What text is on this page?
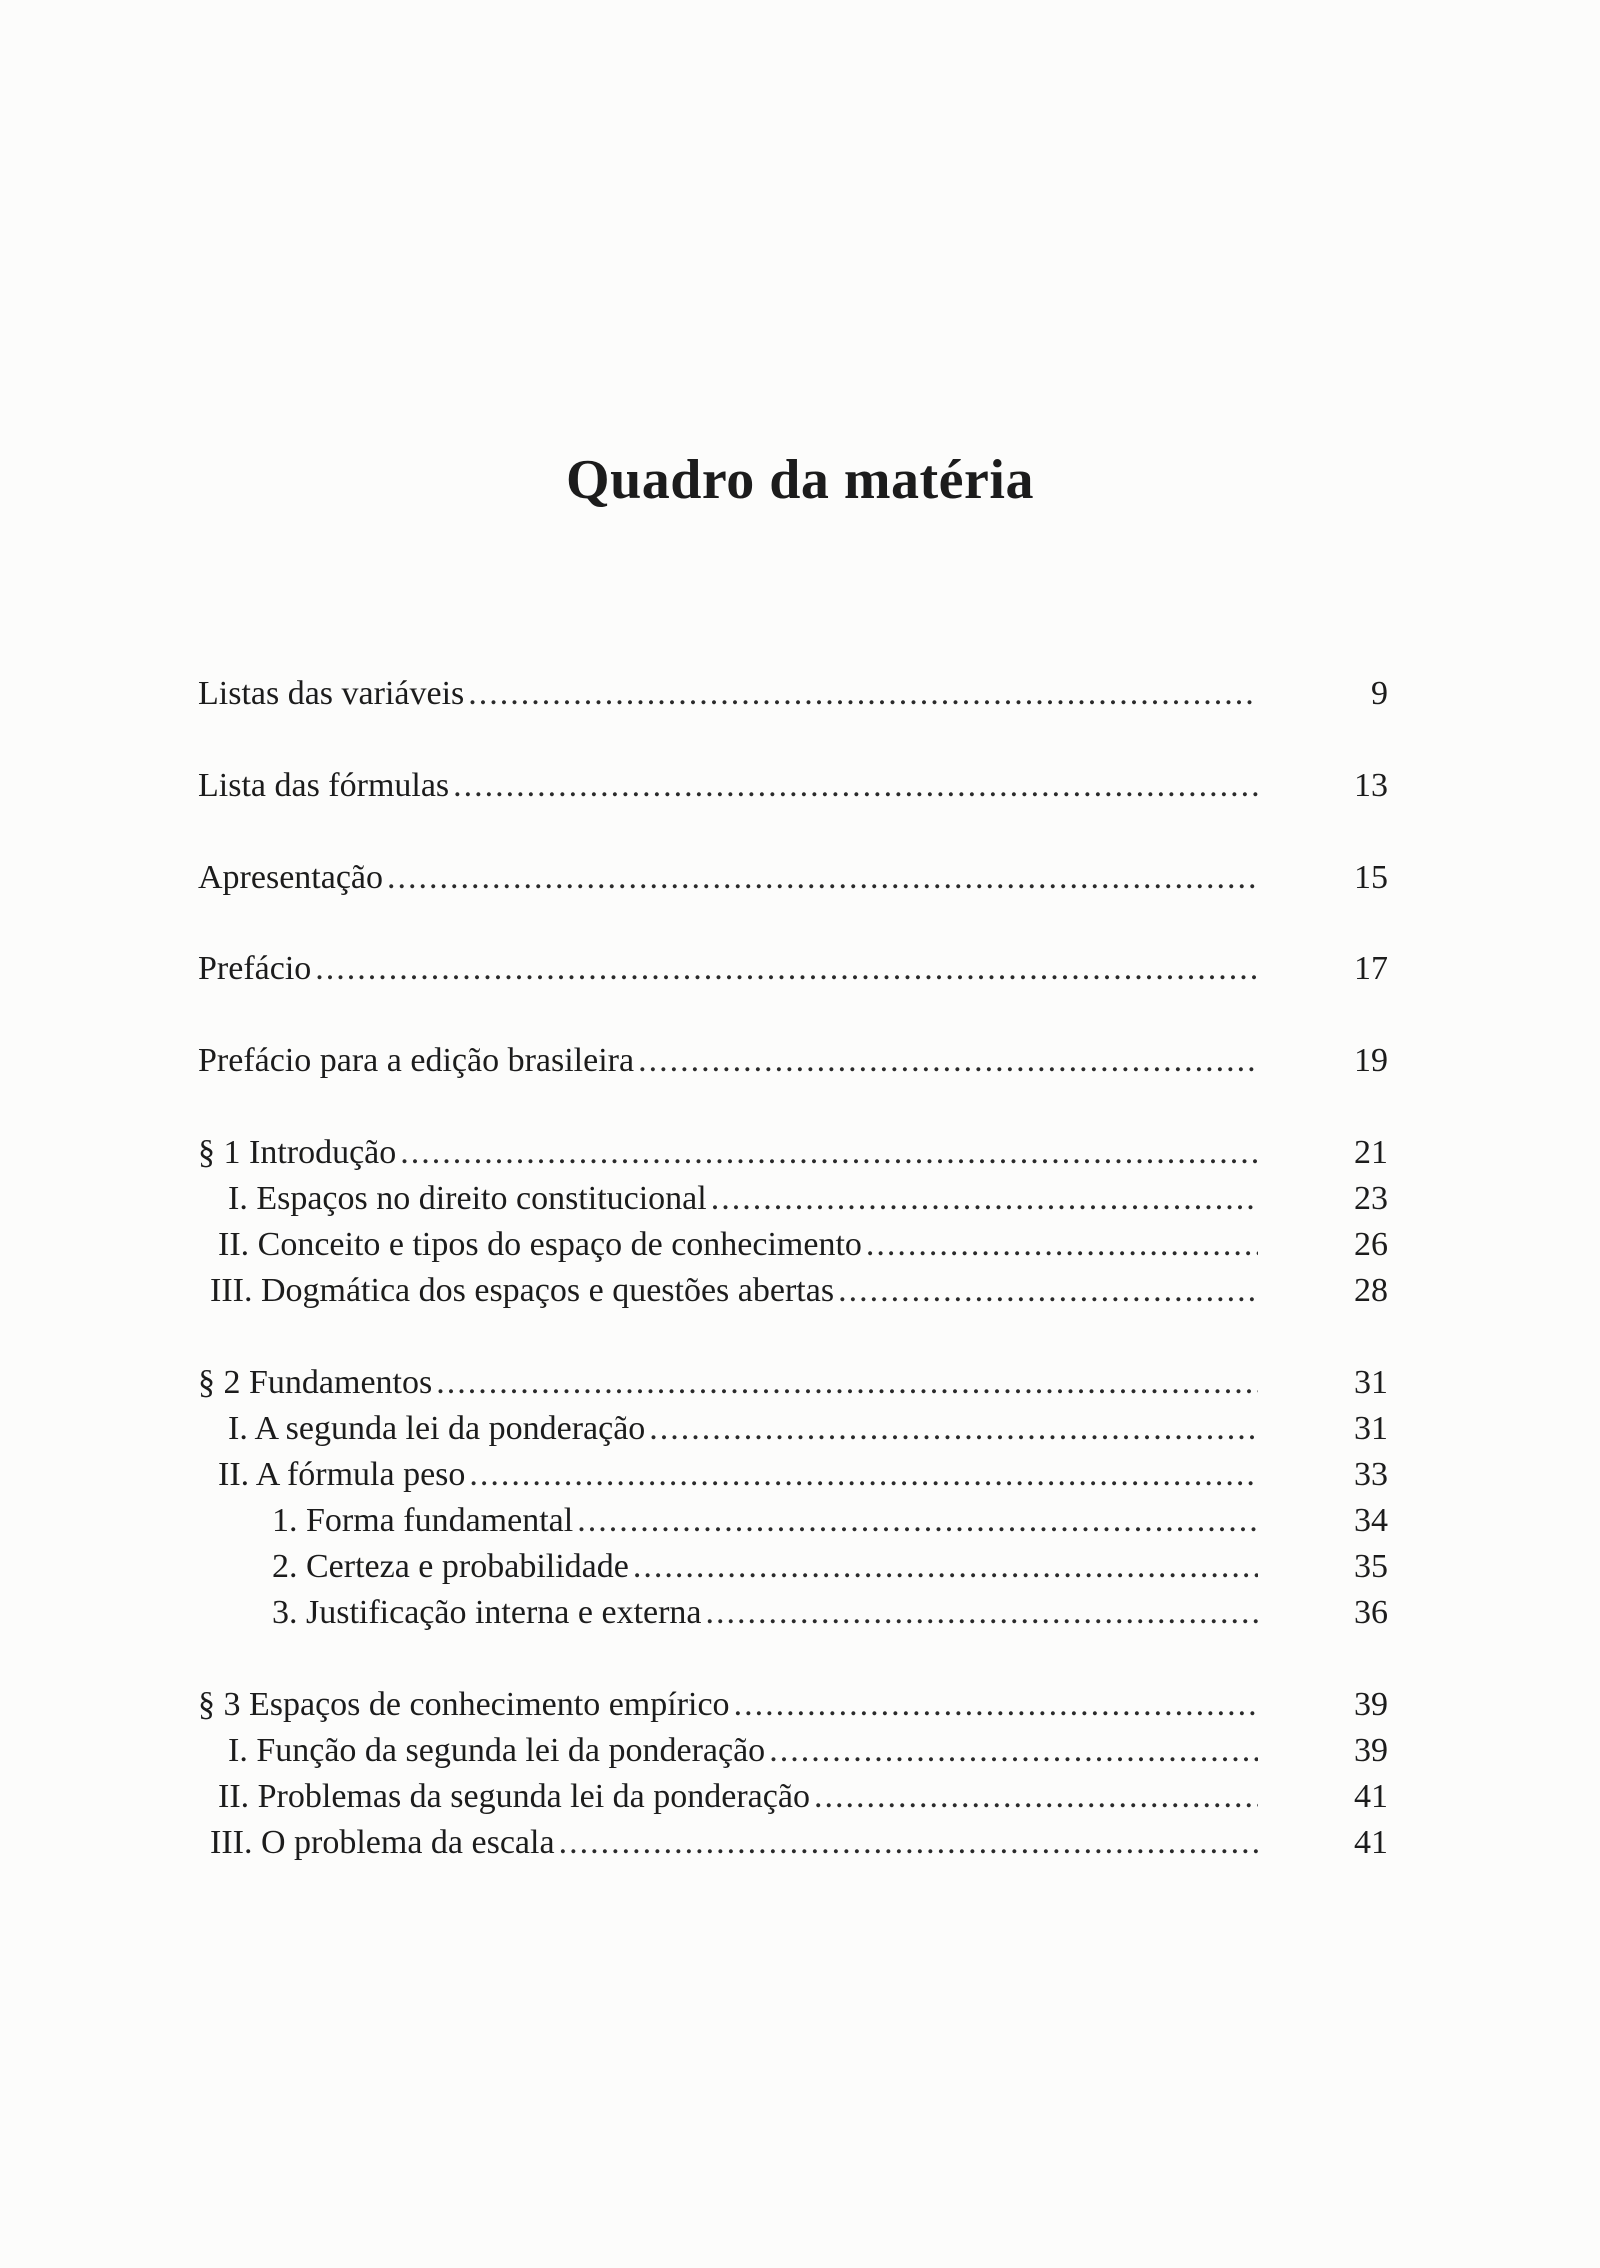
Quadro da matéria
Listas das variáveis .....	9
Lista das fórmulas .....	13
Apresentação .....	15
Prefácio .....	17
Prefácio para a edição brasileira .....	19
§ 1 Introdução .....	21
I. Espaços no direito constitucional .....	23
II. Conceito e tipos do espaço de conhecimento .....	26
III. Dogmática dos espaços e questões abertas .....	28
§ 2 Fundamentos .....	31
I. A segunda lei da ponderação .....	31
II. A fórmula peso .....	33
1. Forma fundamental .....	34
2. Certeza e probabilidade .....	35
3. Justificação interna e externa .....	36
§ 3 Espaços de conhecimento empírico .....	39
I. Função da segunda lei da ponderação .....	39
II. Problemas da segunda lei da ponderação .....	41
III. O problema da escala .....	41
